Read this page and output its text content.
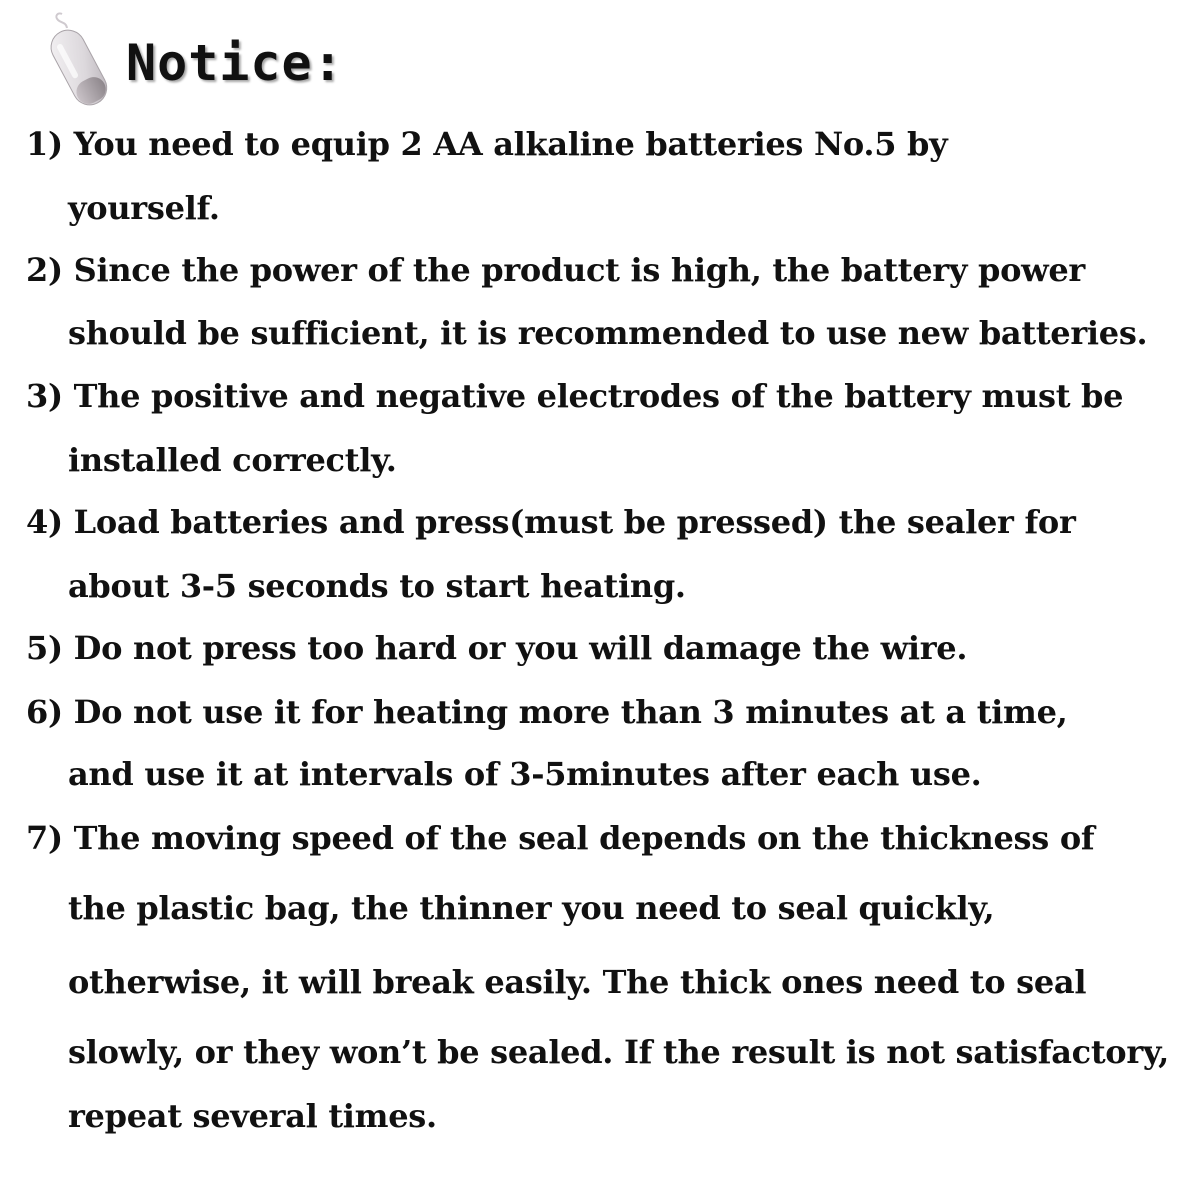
Notice:
1) You need to equip 2 AA alkaline batteries No.5 by
yourself.
2) Since the power of the product is high, the battery power
should be sufficient, it is recommended to use new batteries.
3) The positive and negative electrodes of the battery must be
installed correctly.
4) Load batteries and press(must be pressed) the sealer for
about 3-5 seconds to start heating.
5) Do not press too hard or you will damage the wire.
6) Do not use it for heating more than 3 minutes at a time,
and use it at intervals of 3-5minutes after each use.
7) The moving speed of the seal depends on the thickness of
the plastic bag, the thinner you need to seal quickly,
otherwise, it will break easily. The thick ones need to seal
slowly, or they won’t be sealed. If the result is not satisfactory,
repeat several times.
